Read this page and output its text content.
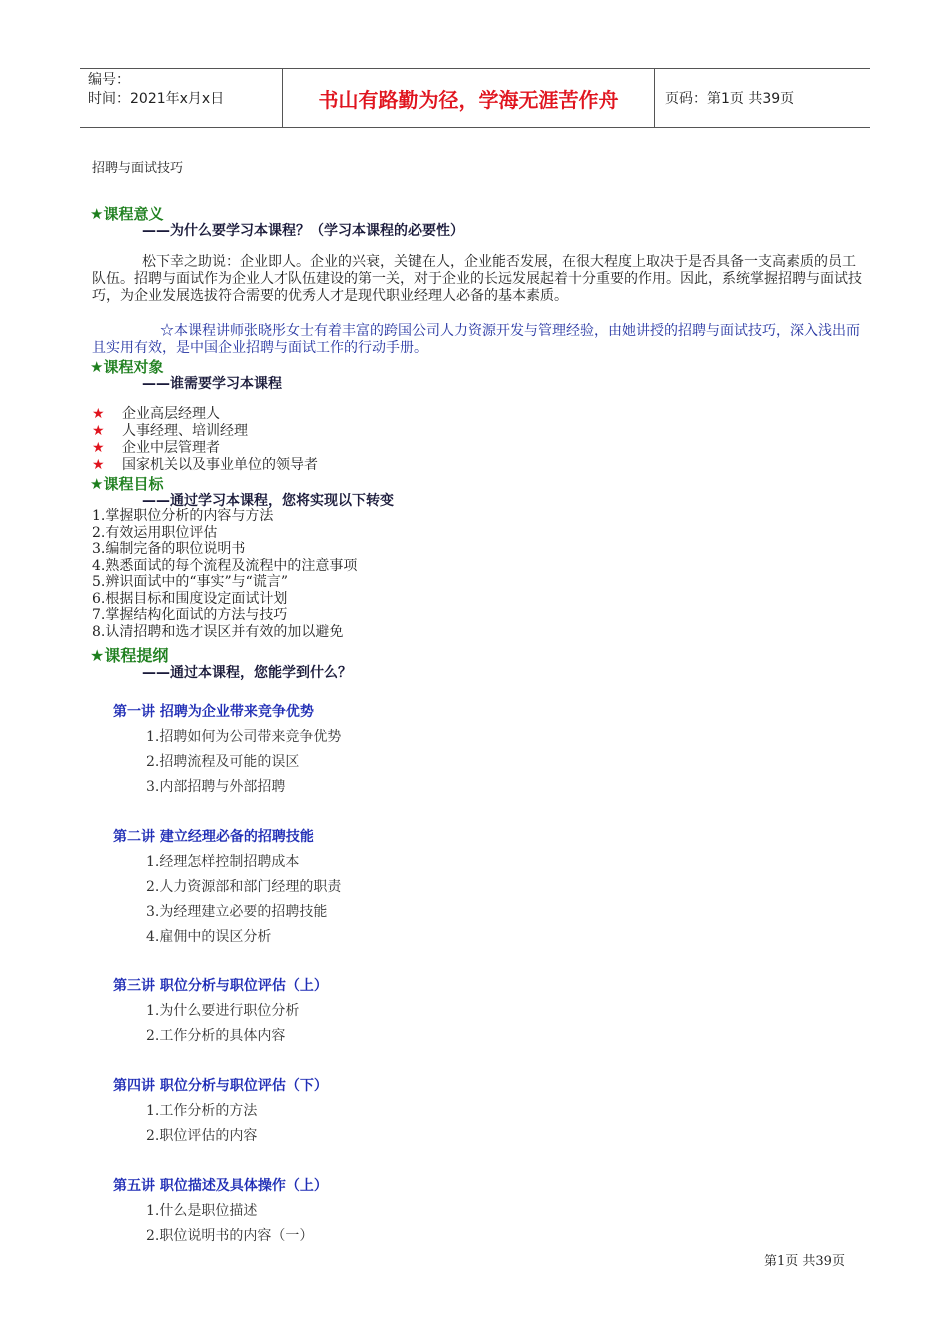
编号：
时间：2021年x月x日	书山有路勤为径，学海无涯苦作舟	页码：第1页 共39页
招聘与面试技巧
★课程意义
——为什么要学习本课程？（学习本课程的必要性）
松下幸之助说：企业即人。企业的兴衰，关键在人，企业能否发展，在很大程度上取决于是否具备一支高素质的员工队伍。招聘与面试作为企业人才队伍建设的第一关，对于企业的长远发展起着十分重要的作用。因此，系统掌握招聘与面试技巧，为企业发展选拔符合需要的优秀人才是现代职业经理人必备的基本素质。
☆本课程讲师张晓彤女士有着丰富的跨国公司人力资源开发与管理经验，由她讲授的招聘与面试技巧，深入浅出而且实用有效，是中国企业招聘与面试工作的行动手册。
★课程对象
——谁需要学习本课程
★ 企业高层经理人
★ 人事经理、培训经理
★ 企业中层管理者
★ 国家机关以及事业单位的领导者
★课程目标
——通过学习本课程，您将实现以下转变
1.掌握职位分析的内容与方法
2.有效运用职位评估
3.编制完备的职位说明书
4.熟悉面试的每个流程及流程中的注意事项
5.辨识面试中的“事实”与“谎言”
6.根据目标和围度设定面试计划
7.掌握结构化面试的方法与技巧
8.认清招聘和选才误区并有效的加以避免
★课程提纲
——通过本课程，您能学到什么？
第一讲 招聘为企业带来竞争优势
1.招聘如何为公司带来竞争优势
2.招聘流程及可能的误区
3.内部招聘与外部招聘
第二讲 建立经理必备的招聘技能
1.经理怎样控制招聘成本
2.人力资源部和部门经理的职责
3.为经理建立必要的招聘技能
4.雇佣中的误区分析
第三讲 职位分析与职位评估（上）
1.为什么要进行职位分析
2.工作分析的具体内容
第四讲 职位分析与职位评估（下）
1.工作分析的方法
2.职位评估的内容
第五讲 职位描述及具体操作（上）
1.什么是职位描述
2.职位说明书的内容（一）
第1页 共39页
